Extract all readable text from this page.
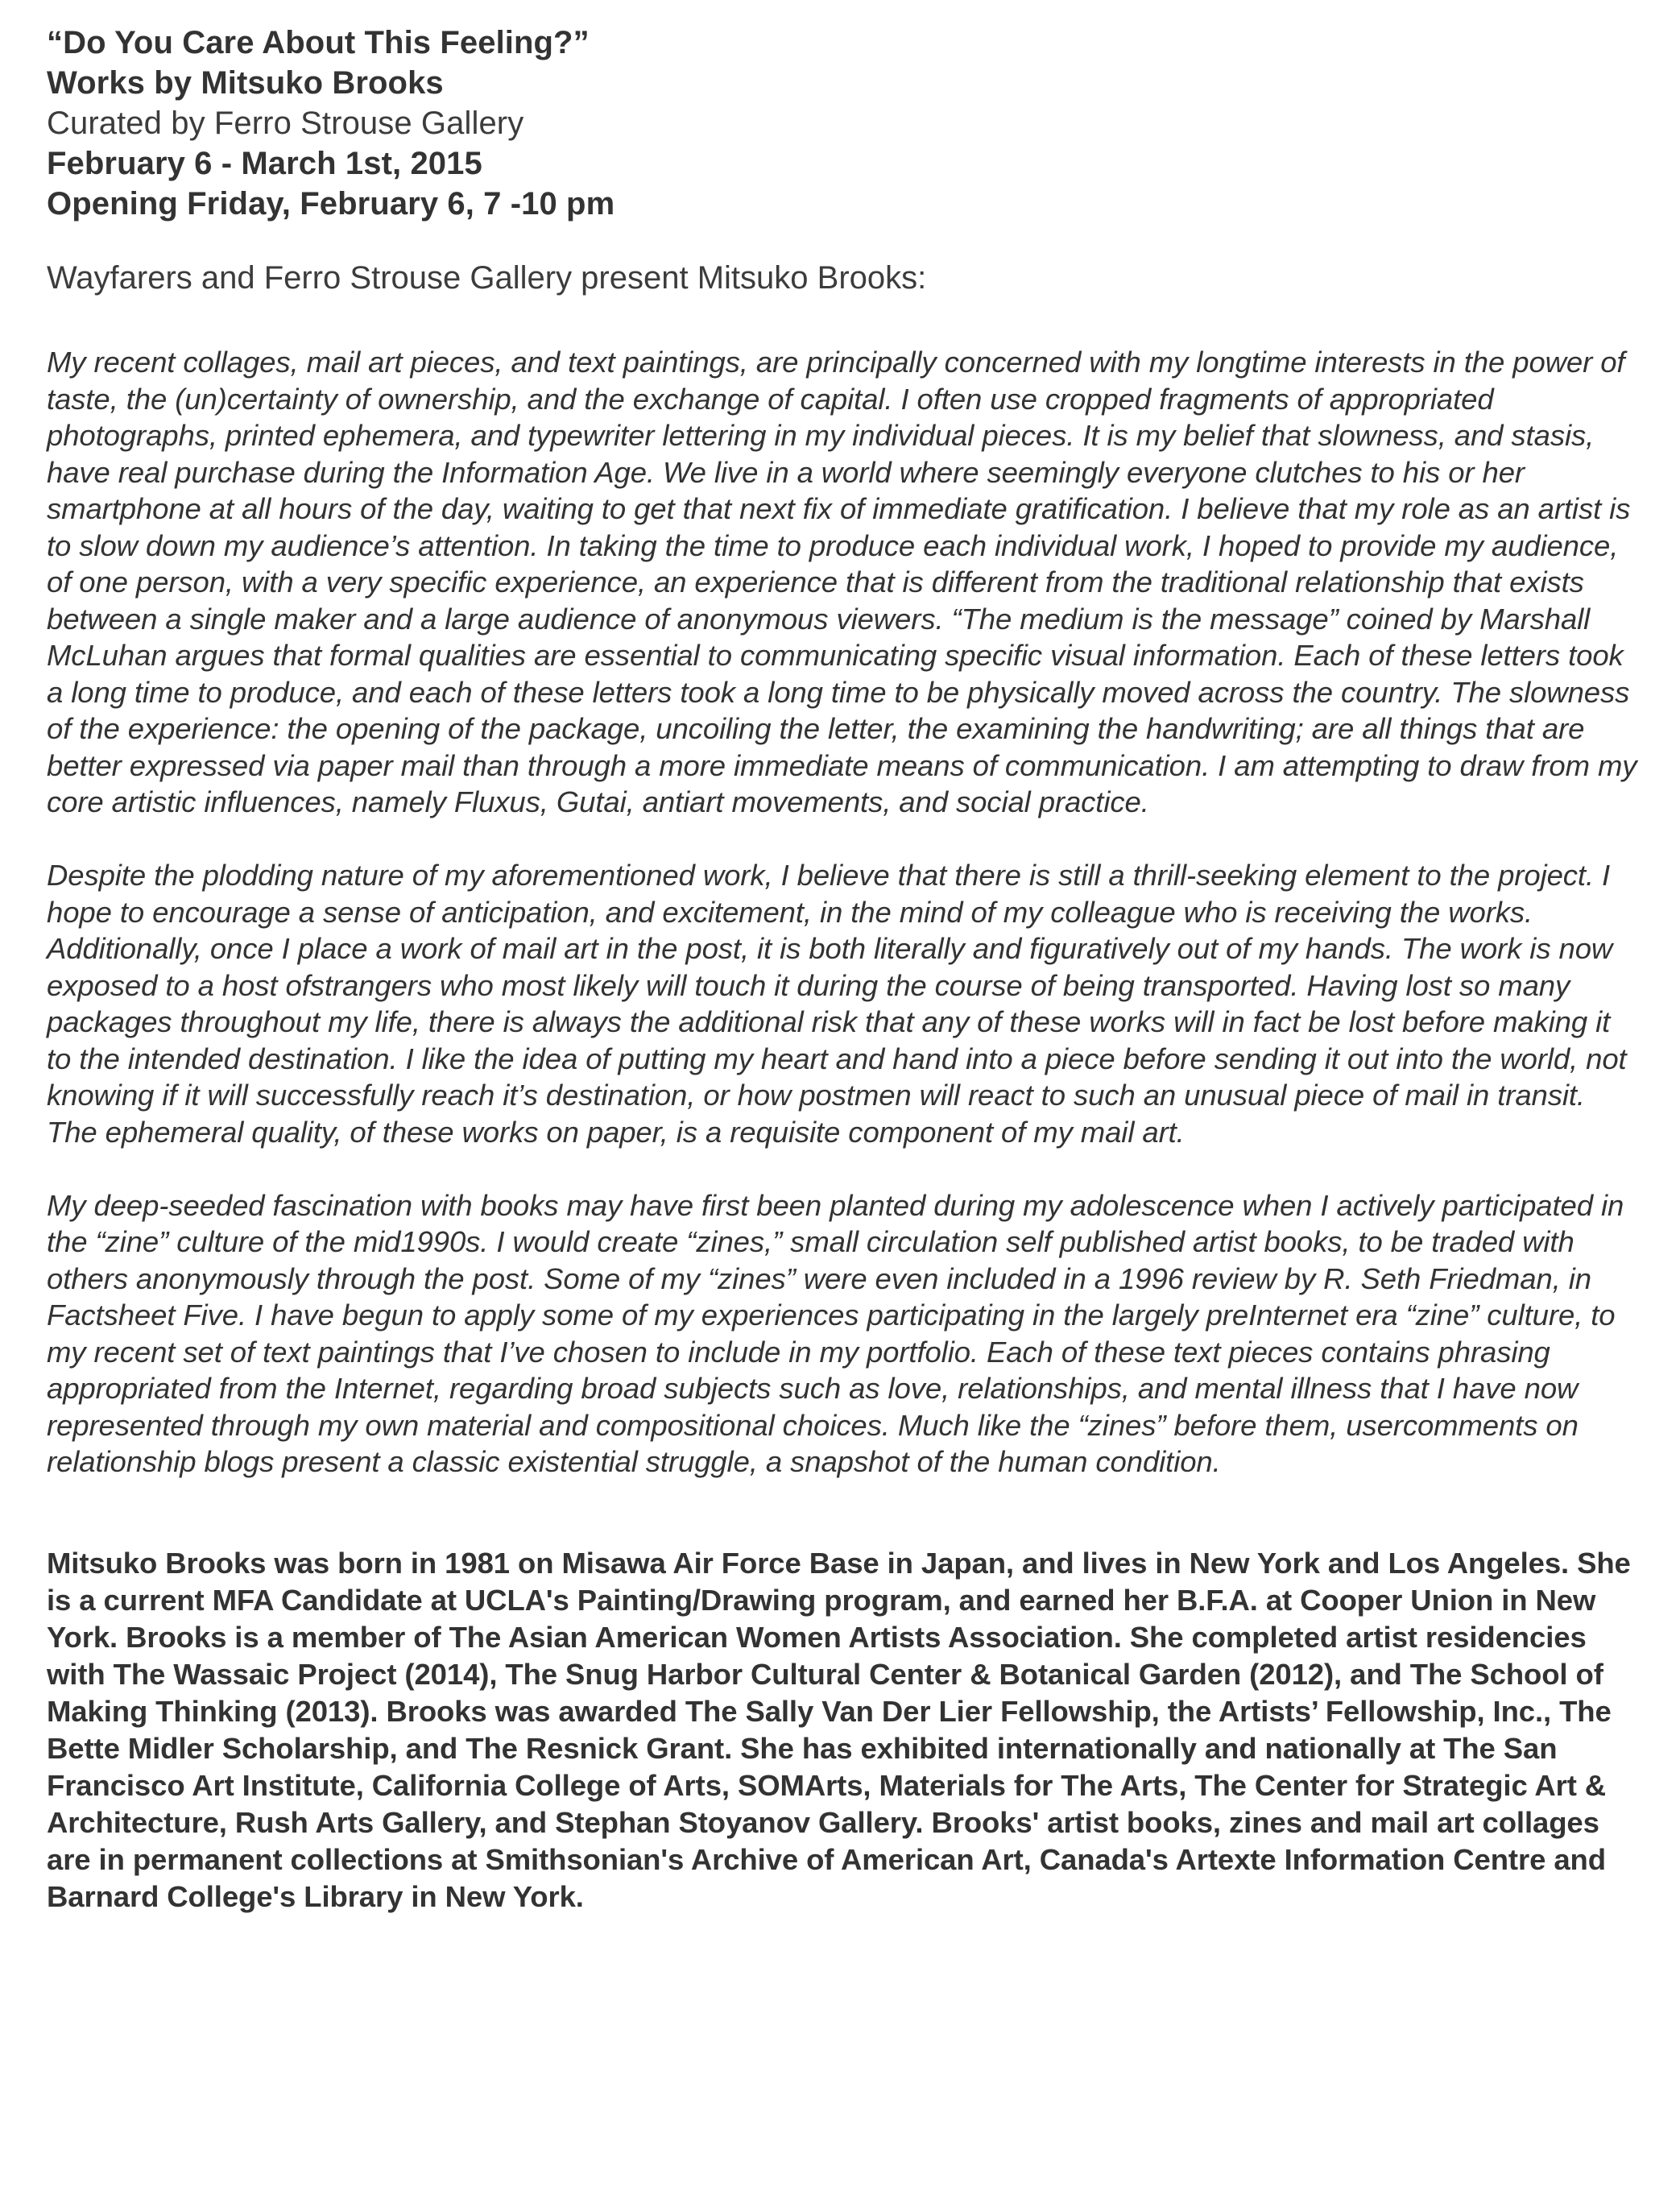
“Do You Care About This Feeling?”

Works by Mitsuko Brooks

Curated by Ferro Strouse Gallery

February 6 - March 1st, 2015

Opening Friday, February 6, 7 -10 pm

Wayfarers and Ferro Strouse Gallery present Mitsuko Brooks:

My recent collages, mail art pieces, and text paintings, are principally concerned with my longtime interests in the power of taste, the (un)certainty of ownership, and the exchange of capital. I often use cropped fragments of appropriated photographs, printed ephemera, and typewriter lettering in my individual pieces. It is my belief that slowness, and stasis, have real purchase during the Information Age. We live in a world where seemingly everyone clutches to his or her smartphone at all hours of the day, waiting to get that next fix of immediate gratification. I believe that my role as an artist is to slow down my audience’s attention. In taking the time to produce each individual work, I hoped to provide my audience, of one person, with a very specific experience, an experience that is different from the traditional relationship that exists between a single maker and a large audience of anonymous viewers. “The medium is the message” coined by Marshall McLuhan argues that formal qualities are essential to communicating specific visual information. Each of these letters took a long time to produce, and each of these letters took a long time to be physically moved across the country. The slowness of the experience: the opening of the package, uncoiling the letter, the examining the handwriting; are all things that are better expressed via paper mail than through a more immediate means of communication. I am attempting to draw from my core artistic influences, namely Fluxus, Gutai, antiart movements, and social practice.

Despite the plodding nature of my aforementioned work, I believe that there is still a thrill-seeking element to the project. I hope to encourage a sense of anticipation, and excitement, in the mind of my colleague who is receiving the works. Additionally, once I place a work of mail art in the post, it is both literally and figuratively out of my hands. The work is now exposed to a host ofstrangers who most likely will touch it during the course of being transported. Having lost so many packages throughout my life, there is always the additional risk that any of these works will in fact be lost before making it to the intended destination. I like the idea of putting my heart and hand into a piece before sending it out into the world, not knowing if it will successfully reach it’s destination, or how postmen will react to such an unusual piece of mail in transit. The ephemeral quality, of these works on paper, is a requisite component of my mail art.

My deep-seeded fascination with books may have first been planted during my adolescence when I actively participated in the “zine” culture of the mid1990s. I would create “zines,” small circulation self published artist books, to be traded with others anonymously through the post. Some of my “zines” were even included in a 1996 review by R. Seth Friedman, in Factsheet Five. I have begun to apply some of my experiences participating in the largely preInternet era “zine” culture, to my recent set of text paintings that I’ve chosen to include in my portfolio. Each of these text pieces contains phrasing appropriated from the Internet, regarding broad subjects such as love, relationships, and mental illness that I have now represented through my own material and compositional choices. Much like the “zines” before them, usercomments on relationship blogs present a classic existential struggle, a snapshot of the human condition.

Mitsuko Brooks was born in 1981 on Misawa Air Force Base in Japan, and lives in New York and Los Angeles. She is a current MFA Candidate at UCLA's Painting/Drawing program, and earned her B.F.A. at Cooper Union in New York. Brooks is a member of The Asian American Women Artists Association. She completed artist residencies with The Wassaic Project (2014), The Snug Harbor Cultural Center & Botanical Garden (2012), and The School of Making Thinking (2013). Brooks was awarded The Sally Van Der Lier Fellowship, the Artists’ Fellowship, Inc., The Bette Midler Scholarship, and The Resnick Grant. She has exhibited internationally and nationally at The San Francisco Art Institute, California College of Arts, SOMArts, Materials for The Arts, The Center for Strategic Art & Architecture, Rush Arts Gallery, and Stephan Stoyanov Gallery. Brooks' artist books, zines and mail art collages are in permanent collections at Smithsonian's Archive of American Art, Canada's Artexte Information Centre and Barnard College's Library in New York.
